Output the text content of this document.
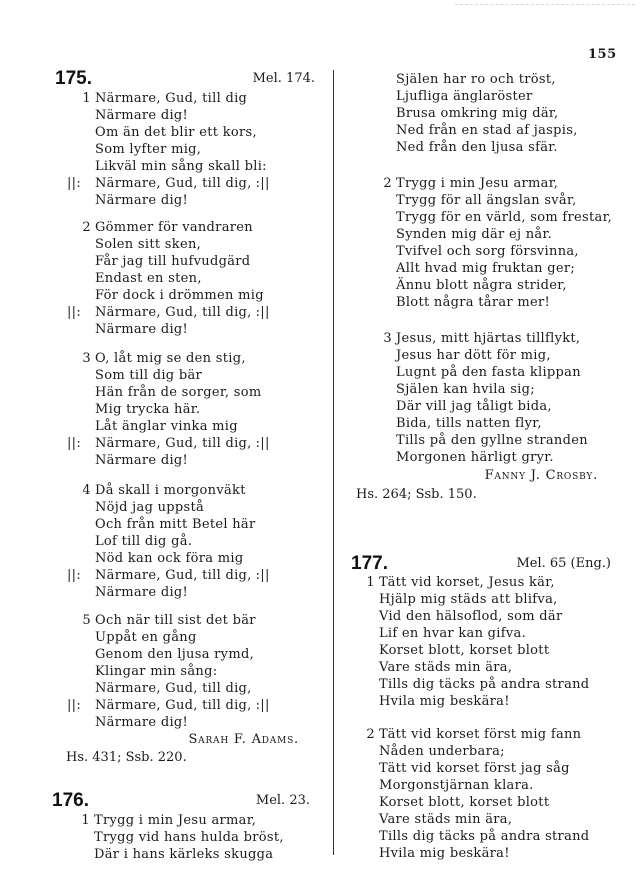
155
175.	Mel. 174.
1 Närmare, Gud, till dig
Närmare dig!
Om än det blir ett kors,
Som lyfter mig,
Likväl min sång skall bli:
||: Närmare, Gud, till dig, :||
Närmare dig!
2 Gömmer för vandraren
Solen sitt sken,
Får jag till hufvudgärd
Endast en sten,
För dock i drömmen mig
||: Närmare, Gud, till dig, :||
Närmare dig!
3 O, låt mig se den stig,
Som till dig bär
Hän från de sorger, som
Mig trycka här.
Låt änglar vinka mig
||: Närmare, Gud, till dig, :||
Närmare dig!
4 Då skall i morgonväkt
Nöjd jag uppstå
Och från mitt Betel här
Lof till dig gå.
Nöd kan ock föra mig
||: Närmare, Gud, till dig, :||
Närmare dig!
5 Och när till sist det bär
Uppåt en gång
Genom den ljusa rymd,
Klingar min sång:
Närmare, Gud, till dig,
||: Närmare, Gud, till dig, :||
Närmare dig!
Sarah F. Adams.
Hs. 431; Ssb. 220.
176.	Mel. 23.
1 Trygg i min Jesu armar,
Trygg vid hans hulda bröst,
Där i hans kärleks skugga
Själen har ro och tröst,
Ljufliga änglaröster
Brusa omkring mig där,
Ned från en stad af jaspis,
Ned från den ljusa sfär.
2 Trygg i min Jesu armar,
Trygg för all ängslan svår,
Trygg för en värld, som frestar,
Synden mig där ej når.
Tvifvel och sorg försvinna,
Allt hvad mig fruktan ger;
Ännu blott några strider,
Blott några tårar mer!
3 Jesus, mitt hjärtas tillflykt,
Jesus har dött för mig,
Lugnt på den fasta klippan
Själen kan hvila sig;
Där vill jag tåligt bida,
Bida, tills natten flyr,
Tills på den gyllne stranden
Morgonen härligt gryr.
Fanny J. Crosby.
Hs. 264; Ssb. 150.
177.	Mel. 65 (Eng.)
1 Tätt vid korset, Jesus kär,
Hjälp mig städs att blifva,
Vid den hälsoflod, som där
Lif en hvar kan gifva.
Korset blott, korset blott
Vare städs min ära,
Tills dig täcks på andra strand
Hvila mig beskära!
2 Tätt vid korset först mig fann
Nåden underbara;
Tätt vid korset först jag såg
Morgonstjärnan klara.
Korset blott, korset blott
Vare städs min ära,
Tills dig täcks på andra strand
Hvila mig beskära!
